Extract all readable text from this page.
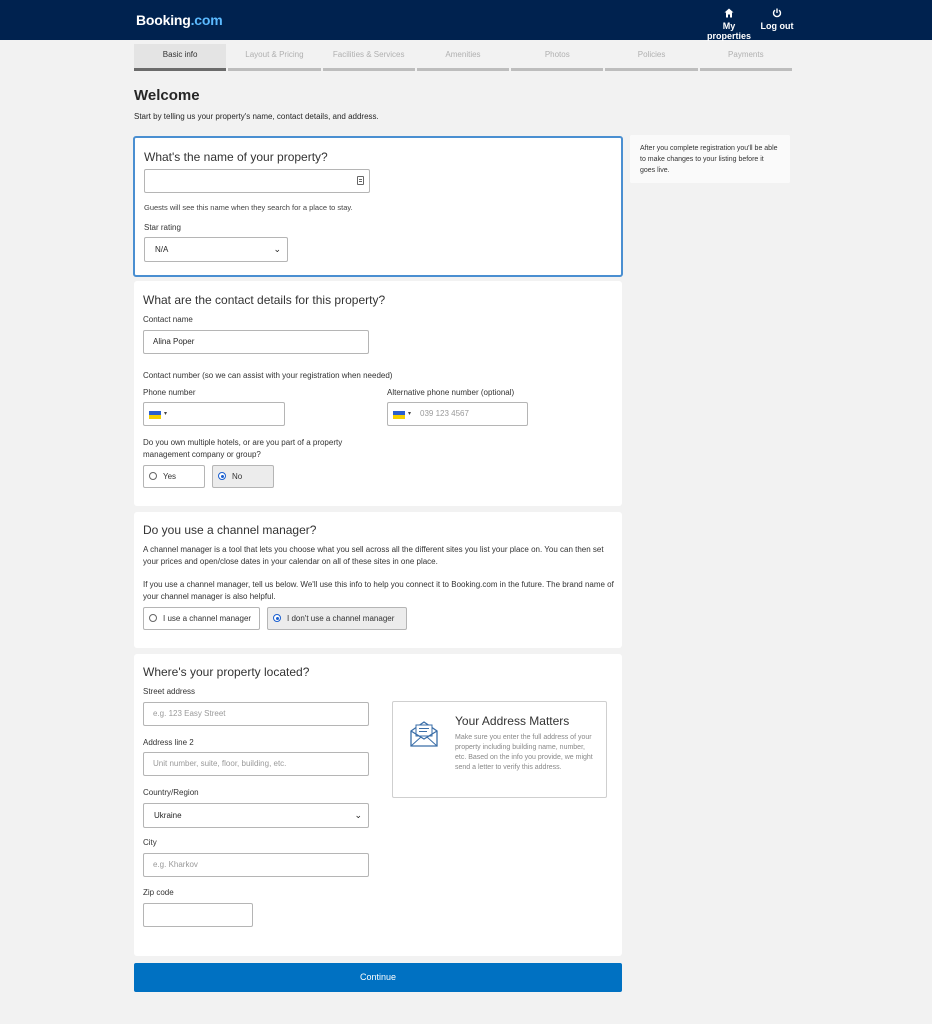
Booking.com	My properties
Log out
Basic info	Layout & Pricing	Facilities & Services	Amenities	Photos	Policies	Payments
Welcome
Start by telling us your property's name, contact details, and address.
After you complete registration you'll be able to make changes to your listing before it goes live.
What's the name of your property?
Guests will see this name when they search for a place to stay.
Star rating
N/A	⌄
What are the contact details for this property?
Contact name
Alina Poper
Contact number (so we can assist with your registration when needed)
Phone number
▾
Alternative phone number (optional)
▾ 039 123 4567
Do you own multiple hotels, or are you part of a property management company or group?
Yes	No
Do you use a channel manager?
A channel manager is a tool that lets you choose what you sell across all the different sites you list your place on. You can then set your prices and open/close dates in your calendar on all of these sites in one place.
If you use a channel manager, tell us below. We'll use this info to help you connect it to Booking.com in the future. The brand name of your channel manager is also helpful.
I use a channel manager	I don't use a channel manager
Where's your property located?
Street address
e.g. 123 Easy Street
Address line 2
Unit number, suite, floor, building, etc.
Country/Region
Ukraine	⌄
City
e.g. Kharkov
Zip code
Your Address Matters
Make sure you enter the full address of your property including building name, number, etc. Based on the info you provide, we might send a letter to verify this address.
Continue
